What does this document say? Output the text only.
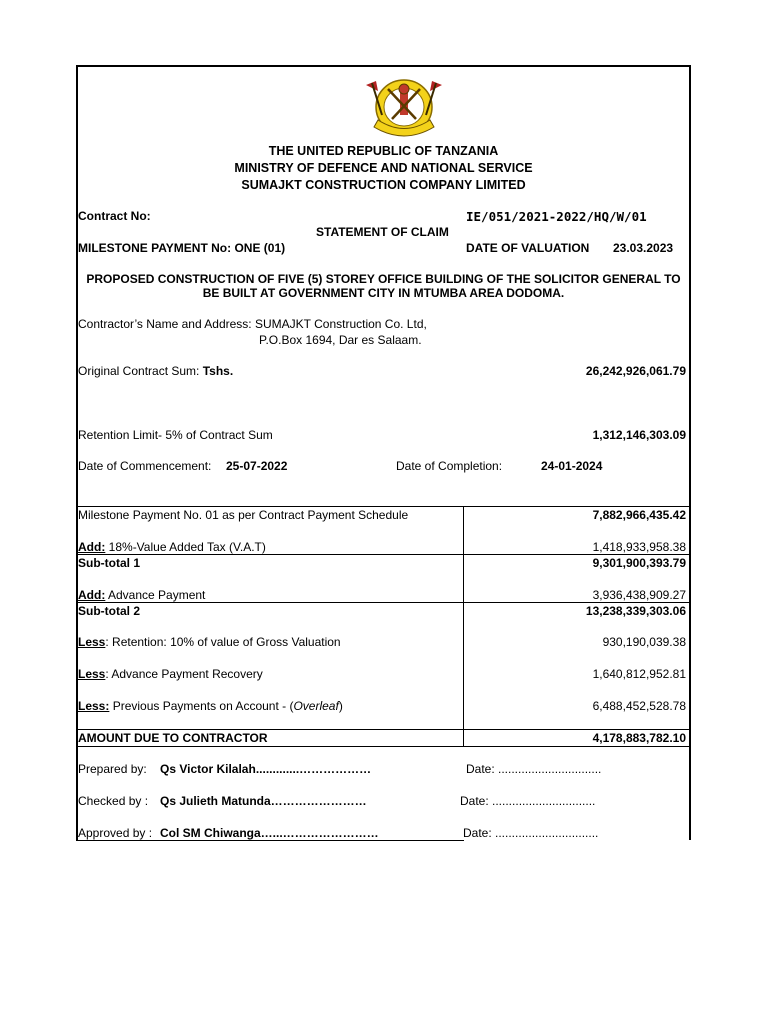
THE UNITED REPUBLIC OF TANZANIA
MINISTRY OF DEFENCE AND NATIONAL SERVICE
SUMAJKT CONSTRUCTION COMPANY LIMITED
Contract No:	IE/051/2021-2022/HQ/W/01
STATEMENT OF CLAIM
MILESTONE PAYMENT No: ONE (01)	DATE OF VALUATION 23.03.2023
PROPOSED CONSTRUCTION OF FIVE (5) STOREY OFFICE BUILDING OF THE SOLICITOR GENERAL TO
BE BUILT AT GOVERNMENT CITY IN MTUMBA AREA DODOMA.
Contractor’s Name and Address: SUMAJKT Construction Co. Ltd,
P.O.Box 1694, Dar es Salaam.
Original Contract Sum: Tshs.	26,242,926,061.79
Retention Limit- 5% of Contract Sum	1,312,146,303.09
Date of Commencement: 25-07-2022	Date of Completion:	24-01-2024
Milestone Payment No. 01 as per Contract Payment Schedule	7,882,966,435.42
Add: 18%-Value Added Tax (V.A.T)	1,418,933,958.38
Sub-total 1	9,301,900,393.79
Add: Advance Payment	3,936,438,909.27
Sub-total 2	13,238,339,303.06
Less: Retention: 10% of value of Gross Valuation	930,190,039.38
Less: Advance Payment Recovery	1,640,812,952.81
Less: Previous Payments on Account - (Overleaf)	6,488,452,528.78
AMOUNT DUE TO CONTRACTOR	4,178,883,782.10
Prepared by: Qs Victor Kilalah.............………………	Date: ...............................
Checked by : Qs Julieth Matunda……………………	Date: ...............................
Approved by : Col SM Chiwanga…...……………………	Date: ...............................
